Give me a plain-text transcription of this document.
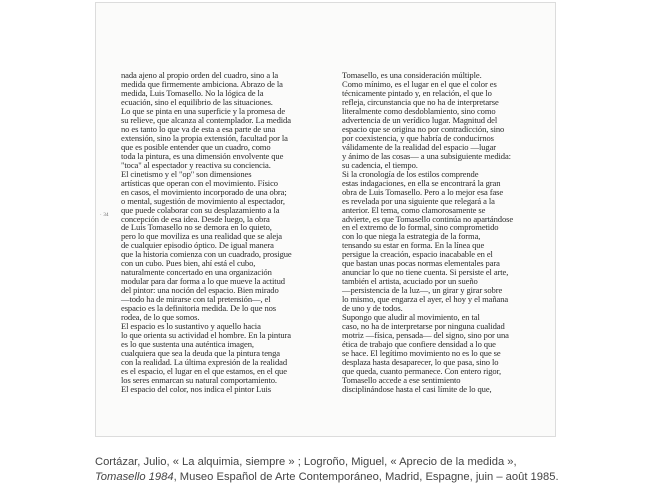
· 34
nada ajeno al propio orden del cuadro, sino a la
medida que firmemente ambiciona. Abrazo de la
medida, Luis Tomasello. No la lógica de la
ecuación, sino el equilibrio de las situaciones.
Lo que se pinta en una superficie y la promesa de
su relieve, que alcanza al contemplador. La medida
no es tanto lo que va de esta a esa parte de una
extensión, sino la propia extensión, facultad por la
que es posible entender que un cuadro, como
toda la pintura, es una dimensión envolvente que
"toca" al espectador y reactiva su conciencia.
El cinetismo y el "op" son dimensiones
artísticas que operan con el movimiento. Físico
en casos, el movimiento incorporado de una obra;
o mental, sugestión de movimiento al espectador,
que puede colaborar con su desplazamiento a la
concepción de esa idea. Desde luego, la obra
de Luis Tomasello no se demora en lo quieto,
pero lo que moviliza es una realidad que se aleja
de cualquier episodio óptico. De igual manera
que la historia comienza con un cuadrado, prosigue
con un cubo. Pues bien, ahí está el cubo,
naturalmente concertado en una organización
modular para dar forma a lo que mueve la actitud
del pintor: una noción del espacio. Bien mirado
—todo ha de mirarse con tal pretensión—, el
espacio es la definitoria medida. De lo que nos
rodea, de lo que somos.
El espacio es lo sustantivo y aquello hacia
lo que orienta su actividad el hombre. En la pintura
es lo que sustenta una auténtica imagen,
cualquiera que sea la deuda que la pintura tenga
con la realidad. La última expresión de la realidad
es el espacio, el lugar en el que estamos, en el que
los seres enmarcan su natural comportamiento.
El espacio del color, nos indica el pintor Luis
Tomasello, es una consideración múltiple.
Como mínimo, es el lugar en el que el color es
técnicamente pintado y, en relación, el que lo
refleja, circunstancia que no ha de interpretarse
literalmente como desdoblamiento, sino como
advertencia de un verídico lugar. Magnitud del
espacio que se origina no por contradicción, sino
por coexistencia, y que habría de conducirnos
válidamente de la realidad del espacio —lugar
y ánimo de las cosas— a una subsiguiente medida:
su cadencia, el tiempo.
Si la cronología de los estilos comprende
estas indagaciones, en ella se encontrará la gran
obra de Luis Tomasello. Pero a lo mejor esa fase
es revelada por una siguiente que relegará a la
anterior. El tema, como clamorosamente se
advierte, es que Tomasello continúa no apartándose
en el extremo de lo formal, sino comprometido
con lo que niega la estrategia de la forma,
tensando su estar en forma. En la línea que
persigue la creación, espacio inacabable en el
que bastan unas pocas normas elementales para
anunciar lo que no tiene cuenta. Si persiste el arte,
también el artista, acuciado por un sueño
—persistencia de la luz—, un girar y girar sobre
lo mismo, que engarza el ayer, el hoy y el mañana
de uno y de todos.
Supongo que aludir al movimiento, en tal
caso, no ha de interpretarse por ninguna cualidad
motriz —física, pensada— del signo, sino por una
ética de trabajo que confiere densidad a lo que
se hace. El legítimo movimiento no es lo que se
desplaza hasta desaparecer, lo que pasa, sino lo
que queda, cuanto permanece. Con entero rigor,
Tomasello accede a ese sentimiento
disciplinándose hasta el casi límite de lo que,
Cortázar, Julio, « La alquimia, siempre » ; Logroño, Miguel, « Aprecio de la medida »,
Tomasello 1984, Museo Español de Arte Contemporáneo, Madrid, Espagne, juin – août 1985.
